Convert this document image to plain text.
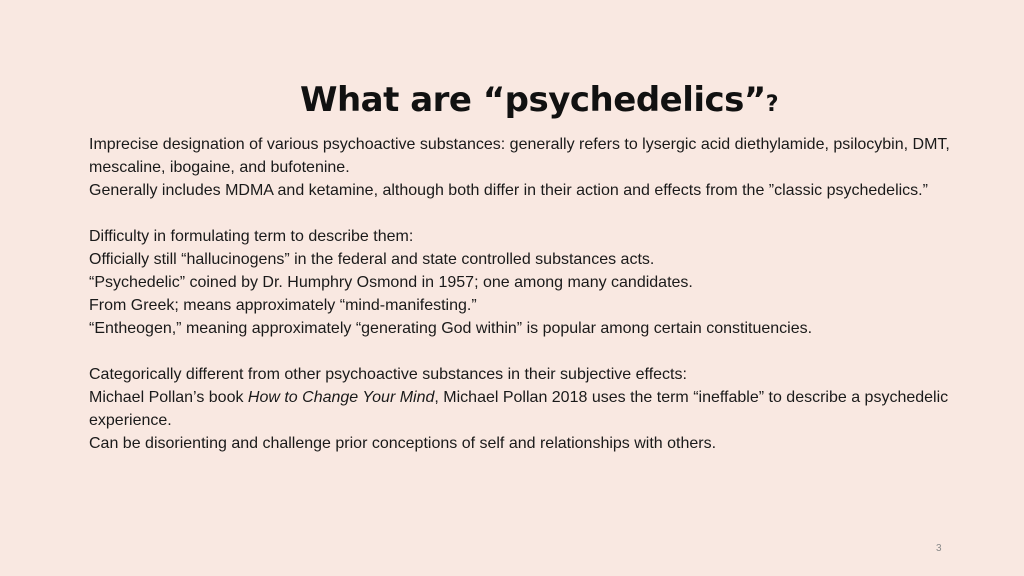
What are “psychedelics”?

Imprecise designation of various psychoactive substances: generally refers to lysergic acid diethylamide, psilocybin, DMT, mescaline, ibogaine, and bufotenine.

Generally includes MDMA and ketamine, although both differ in their action and effects from the ”classic psychedelics.”

Difficulty in formulating term to describe them:

Officially still “hallucinogens” in the federal and state controlled substances acts.

“Psychedelic” coined by Dr. Humphry Osmond in 1957; one among many candidates.

From Greek; means approximately “mind-manifesting.”

“Entheogen,” meaning approximately “generating God within” is popular among certain constituencies.

Categorically different from other psychoactive substances in their subjective effects:

Michael Pollan’s book How to Change Your Mind, Michael Pollan 2018 uses the term “ineffable” to describe a psychedelic experience.

Can be disorienting and challenge prior conceptions of self and relationships with others.

3
